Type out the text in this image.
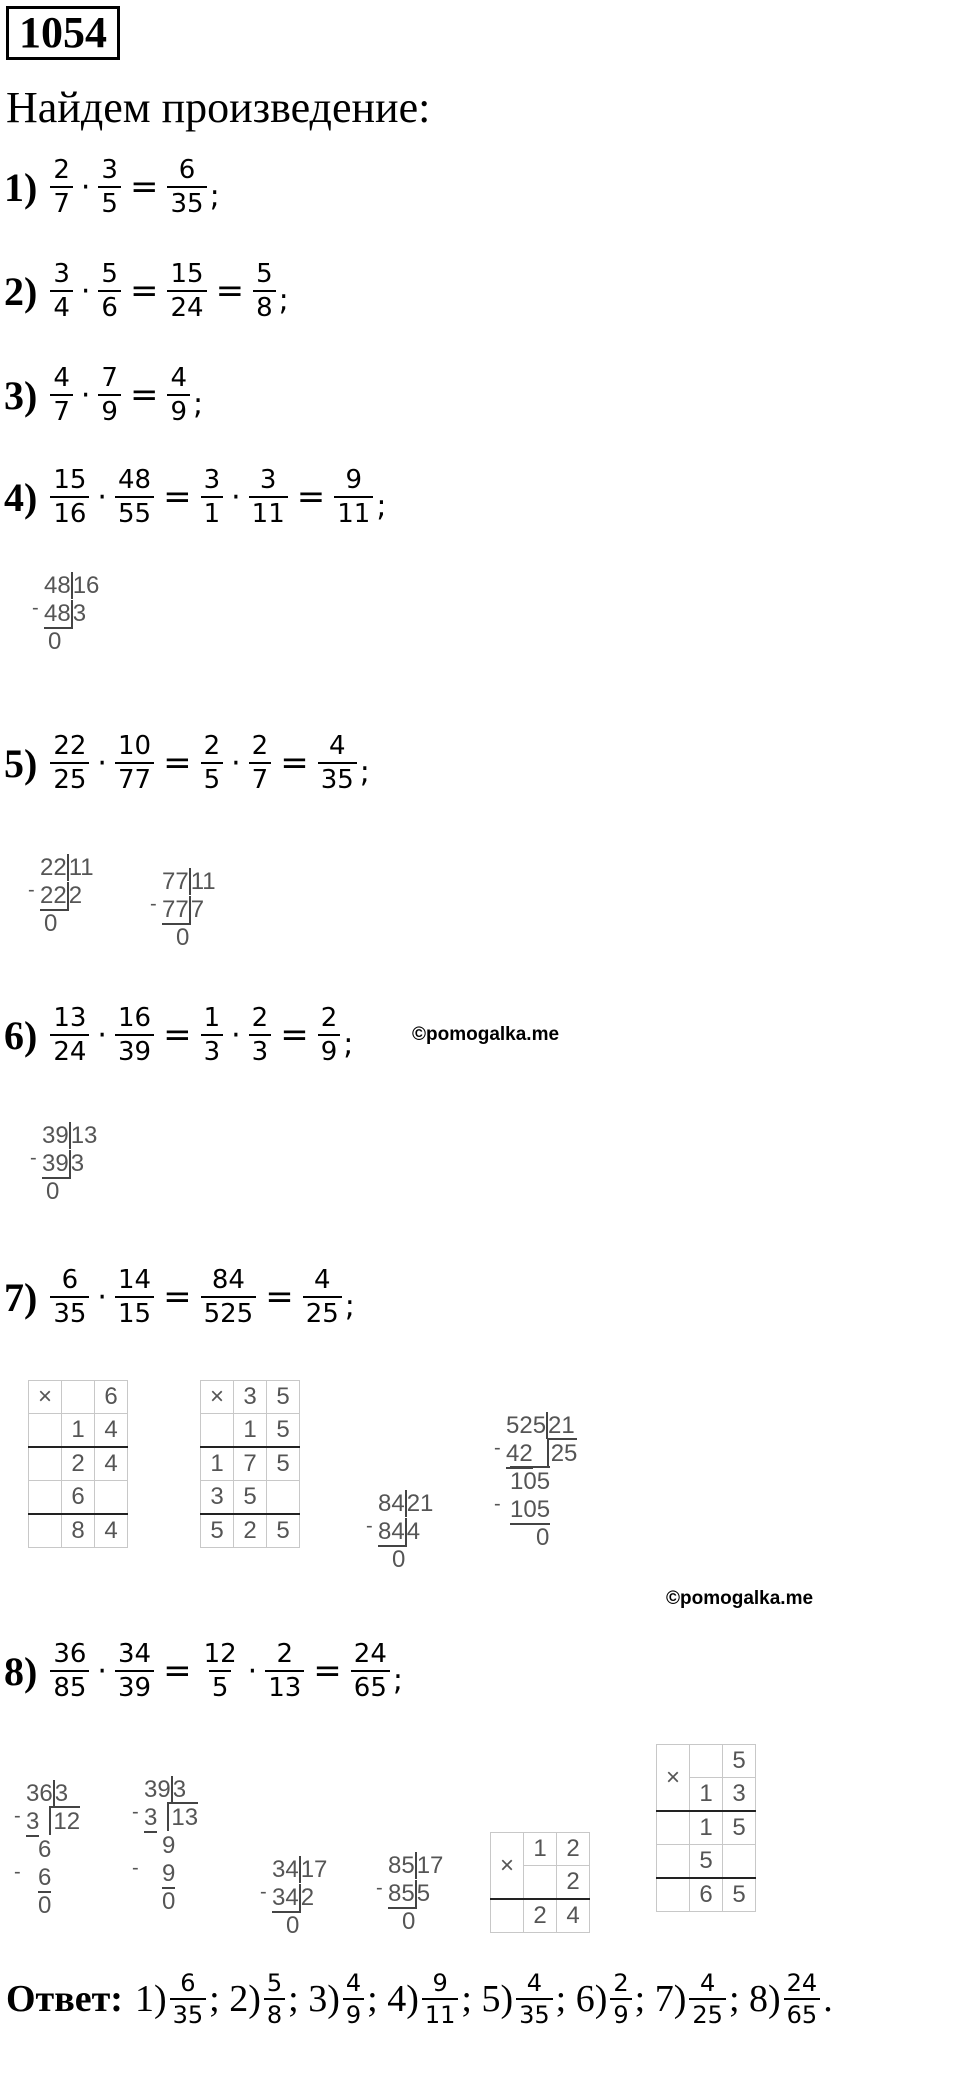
1054
Найдем произведение:
$1) \frac{2}{7} \cdot \frac{3}{5} = \frac{6}{35}$ ;
$2) \frac{3}{4} \cdot \frac{5}{6} = \frac{15}{24} = \frac{5}{8}$ ;
$3) \frac{4}{7} \cdot \frac{7}{9} = \frac{4}{9}$ ;
$4) \frac{15}{16} \cdot \frac{48}{55} = \frac{3}{1} \cdot \frac{3}{11} = \frac{9}{11}$ ;
4816
- 483
0
$5) \frac{22}{25} \cdot \frac{10}{77} = \frac{2}{5} \cdot \frac{2}{7} = \frac{4}{35}$ ;
2211
- 222
0
7711
- 777
0
$6) \frac{13}{24} \cdot \frac{16}{39} = \frac{1}{3} \cdot \frac{2}{3} = \frac{2}{9}$ ;	©pomogalka.me
3913
- 393
0
$7) \frac{6}{35} \cdot \frac{14}{15} = \frac{84}{525} = \frac{4}{25}$ ;
×		6
	1	4
	2	4
	6	
	8	4
×	3	5
	1	5
1	7	5
3	5	
5	2	5
8421
- 844
0
52521
- 42 25
105
- 105
0
©pomogalka.me
$8) \frac{36}{85} \cdot \frac{34}{39} = \frac{12}{5} \cdot \frac{2}{13} = \frac{24}{65}$ ;
363
- 3 12
6
- 6
0
393
- 3 13
9
- 9
0
3417
- 342
0
8517
- 855
0
×	1	2
		2
	2	4
×		5
	1	3
	1	5
	5	
	6	5
Ответ: $1) \frac{6}{35}$ ;
$2) \frac{5}{8}$ ;
$3) \frac{4}{9}$ ;
$4) \frac{9}{11}$ ;
$5) \frac{4}{35}$ ;
$6) \frac{2}{9}$ ;
$7) \frac{4}{25}$ ;
$8) \frac{24}{65}$ .
